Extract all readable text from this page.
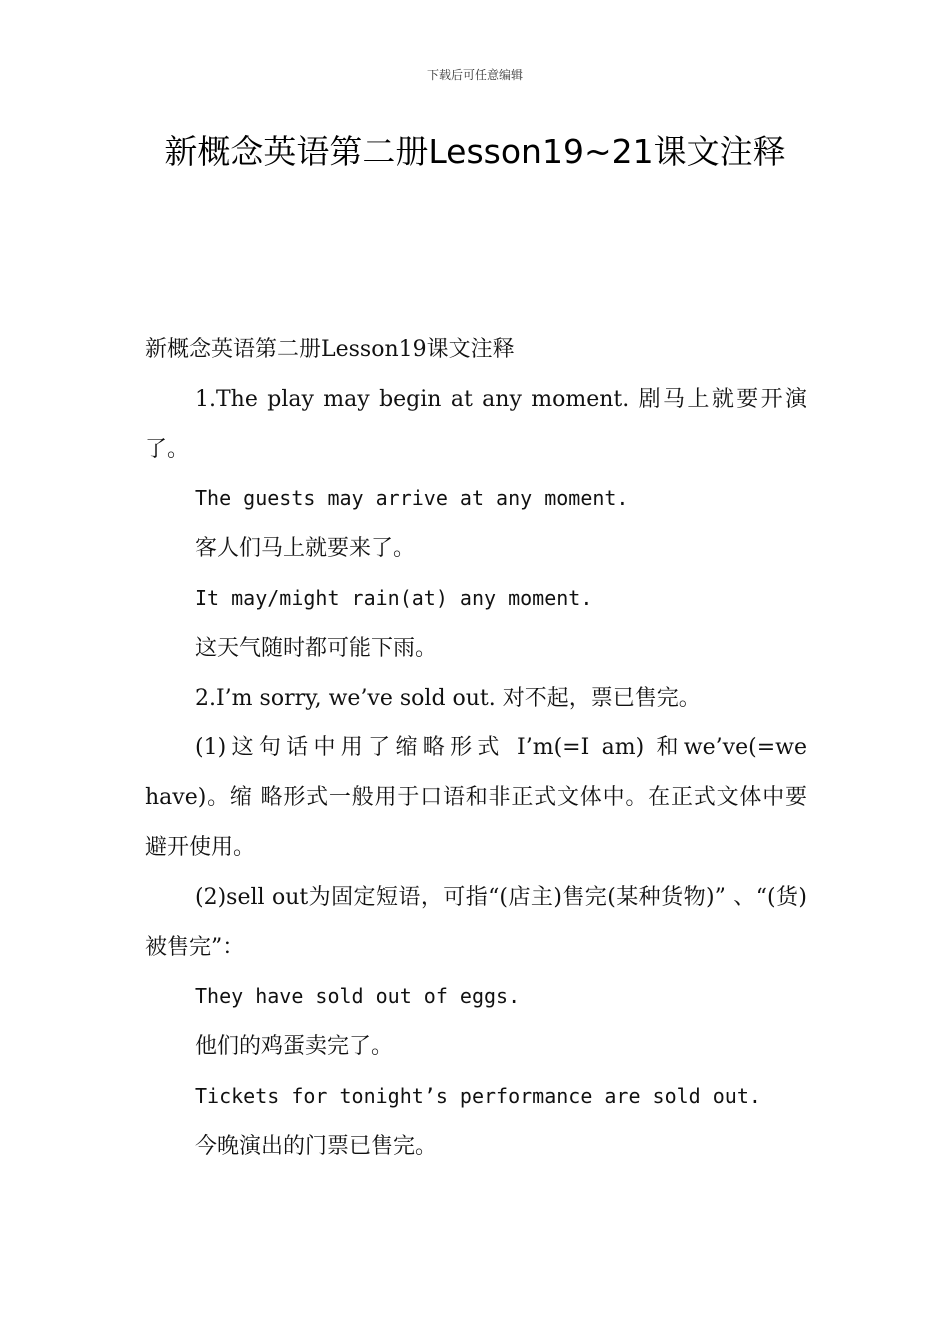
下载后可任意编辑
新概念英语第二册Lesson19~21课文注释

新概念英语第二册Lesson19课文注释

1.The play may begin at any moment. 剧马上就要开演了。

The guests may arrive at any moment.

客人们马上就要来了。

It may/might rain(at) any moment.

这天气随时都可能下雨。

2.I’m sorry, we’ve sold out. 对不起，票已售完。

(1)这句话中用了缩略形式 I’m(=I am) 和we’ve(=we have)。缩 略形式一般用于口语和非正式文体中。在正式文体中要避开使用。

(2)sell out为固定短语，可指“(店主)售完(某种货物)” 、“(货)被售完”：

They have sold out of eggs.

他们的鸡蛋卖完了。

Tickets for tonight’s performance are sold out.

今晚演出的门票已售完。
